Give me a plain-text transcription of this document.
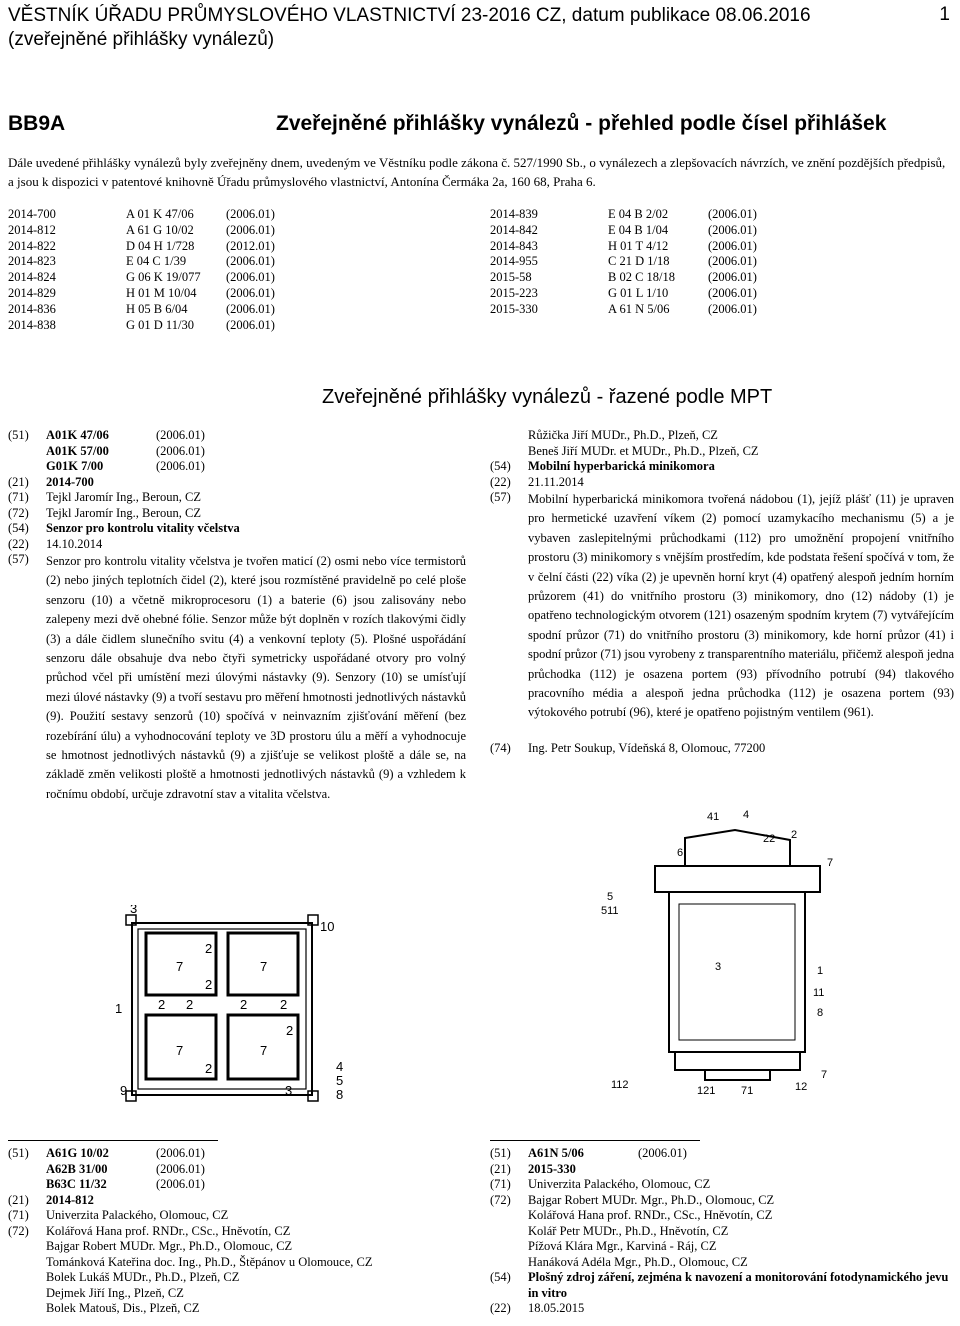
VĚSTNÍK ÚŘADU PRŮMYSLOVÉHO VLASTNICTVÍ 23-2016 CZ, datum publikace 08.06.2016
(zveřejněné přihlášky vynálezů)
1
BB9A	Zveřejněné přihlášky vynálezů - přehled podle čísel přihlášek
Dále uvedené přihlášky vynálezů byly zveřejněny dnem, uvedeným ve Věstníku podle zákona č. 527/1990 Sb., o vynálezech a zlepšovacích návrzích, ve znění pozdějších předpisů, a jsou k dispozici v patentové knihovně Úřadu průmyslového vlastnictví, Antonína Čermáka 2a, 160 68, Praha 6.
2014-700	A 01 K 47/06	(2006.01)
2014-812	A 61 G 10/02	(2006.01)
2014-822	D 04 H 1/728	(2012.01)
2014-823	E 04 C 1/39	(2006.01)
2014-824	G 06 K 19/077	(2006.01)
2014-829	H 01 M 10/04	(2006.01)
2014-836	H 05 B 6/04	(2006.01)
2014-838	G 01 D 11/30	(2006.01)
2014-839	E 04 B 2/02	(2006.01)
2014-842	E 04 B 1/04	(2006.01)
2014-843	H 01 T 4/12	(2006.01)
2014-955	C 21 D 1/18	(2006.01)
2015-58	B 02 C 18/18	(2006.01)
2015-223	G 01 L 1/10	(2006.01)
2015-330	A 61 N 5/06	(2006.01)
Zveřejněné přihlášky vynálezů - řazené podle MPT
(51)	A01K 47/06	(2006.01)
A01K 57/00	(2006.01)
G01K 7/00	(2006.01)
(21)	2014-700
(71)	Tejkl Jaromír Ing., Beroun, CZ
(72)	Tejkl Jaromír Ing., Beroun, CZ
(54)	Senzor pro kontrolu vitality včelstva
(22)	14.10.2014
(57)	Senzor pro kontrolu vitality včelstva je tvořen maticí (2) osmi nebo více termistorů (2) nebo jiných teplotních čidel (2), které jsou rozmístěné pravidelně po celé ploše senzoru (10) a včetně mikroprocesoru (1) a baterie (6) jsou zalisovány nebo zalepeny mezi dvě ohebné fólie. Senzor může být doplněn v rozích tlakovými čidly (3) a dále čidlem slunečního svitu (4) a venkovní teploty (5). Plošné uspořádání senzoru dále obsahuje dva nebo čtyři symetricky uspořádané otvory pro volný průchod včel při umístění mezi úlovými nástavky (9). Senzory (10) se umísťují mezi úlové nástavky (9) a tvoří sestavu pro měření hmotnosti jednotlivých nástavků (9). Použití sestavy senzorů (10) spočívá v neinvazním zjišťování měření (bez rozebírání úlu) a vyhodnocování teploty ve 3D prostoru úlu a měří a vyhodnocuje se hmotnost jednotlivých nástavků (9) a zjišťuje se velikost ploště a dále se, na základě změn velikosti ploště a hmotnosti jednotlivých nástavků (9) a vzhledem k ročnímu období, určuje zdravotní stav a vitalita včelstva.
Růžička Jiří MUDr., Ph.D., Plzeň, CZ
Beneš Jiří MUDr. et MUDr., Ph.D., Plzeň, CZ
(54)	Mobilní hyperbarická minikomora
(22)	21.11.2014
(57)	Mobilní hyperbarická minikomora tvořená nádobou (1), jejíž plášť (11) je upraven pro hermetické uzavření víkem (2) pomocí uzamykacího mechanismu (5) a je vybaven zaslepitelnými průchodkami (112) pro umožnění propojení vnitřního prostoru (3) minikomory s vnějším prostředím, kde podstata řešení spočívá v tom, že v čelní části (22) víka (2) je upevněn horní kryt (4) opatřený alespoň jedním horním průzorem (41) do vnitřního prostoru (3) minikomory, dno (12) nádoby (1) je opatřeno technologickým otvorem (121) osazeným spodním krytem (7) vytvářejícím spodní průzor (71) do vnitřního prostoru (3) minikomory, kde horní průzor (41) i spodní průzor (71) jsou vyrobeny z transparentního materiálu, přičemž alespoň jedna průchodka (112) je osazena portem (93) přívodního potrubí (94) tlakového pracovního média a alespoň jedna průchodka (112) je osazena portem (93) výtokového potrubí (96), které je opatřeno pojistným ventilem (961).
(74)	Ing. Petr Soukup, Vídeňská 8, Olomouc, 77200
2
7
2
7
2 2	2	2
7
2
7
2
3
10
1
9	3
4
5
8
41 4
22 2
6
7
5
511
3	1
11
8
112	121 71	12
7
(51)	A61G 10/02	(2006.01)
A62B 31/00	(2006.01)
B63C 11/32	(2006.01)
(21)	2014-812
(71)	Univerzita Palackého, Olomouc, CZ
(72)	Kolářová Hana prof. RNDr., CSc., Hněvotín, CZ
Bajgar Robert MUDr. Mgr., Ph.D., Olomouc, CZ
Tománková Kateřina doc. Ing., Ph.D., Štěpánov u Olomouce, CZ
Bolek Lukáš MUDr., Ph.D., Plzeň, CZ
Dejmek Jiří Ing., Plzeň, CZ
Bolek Matouš, Dis., Plzeň, CZ
(51)	A61N 5/06	(2006.01)
(21)	2015-330
(71)	Univerzita Palackého, Olomouc, CZ
(72)	Bajgar Robert MUDr. Mgr., Ph.D., Olomouc, CZ
Kolářová Hana prof. RNDr., CSc., Hněvotín, CZ
Kolář Petr MUDr., Ph.D., Hněvotín, CZ
Pížová Klára Mgr., Karviná - Ráj, CZ
Hanáková Adéla Mgr., Ph.D., Olomouc, CZ
(54)	Plošný zdroj záření, zejména k navození a monitorování fotodynamického jevu in vitro
(22)	18.05.2015
